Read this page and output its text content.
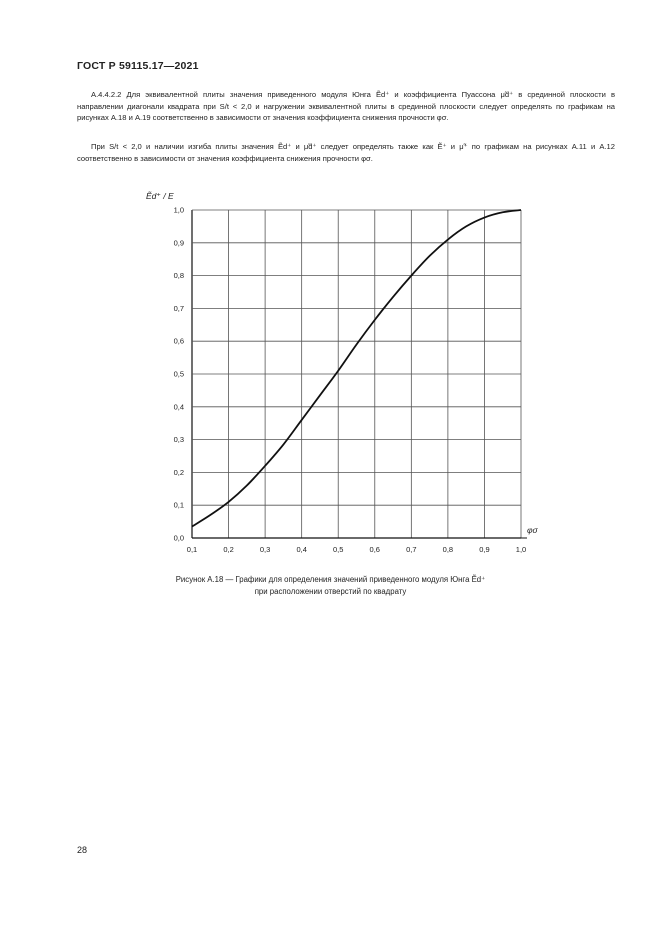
ГОСТ Р 59115.17—2021

А.4.4.2.2 Для эквивалентной плиты значения приведенного модуля Юнга Ẽd⁺ и коэффициента Пуассона μ̃d⁺ в срединной плоскости в направлении диагонали квадрата при S/t < 2,0 и нагружении эквивалентной плиты в срединной плоскости следует определять по графикам на рисунках А.18 и А.19 соответственно в зависимости от значения коэффициента снижения прочности φσ.

При S/t < 2,0 и наличии изгиба плиты значения Ẽd⁺ и μ̃d⁺ следует определять также как Ẽ⁺ и μ̃⁺ по графикам на рисунках А.11 и А.12 соответственно в зависимости от значения коэффициента снижения прочности φσ.

0,1	0,2	0,3	0,4	0,5	0,6	0,7	0,8	0,9	1,0
0,0
0,1
0,2
0,3
0,4
0,5
0,6
0,7
0,8
0,9
1,0
Ẽd⁺ / E
φσ
Рисунок А.18 — Графики для определения значений приведенного модуля Юнга Ẽd⁺
при расположении отверстий по квадрату
28
